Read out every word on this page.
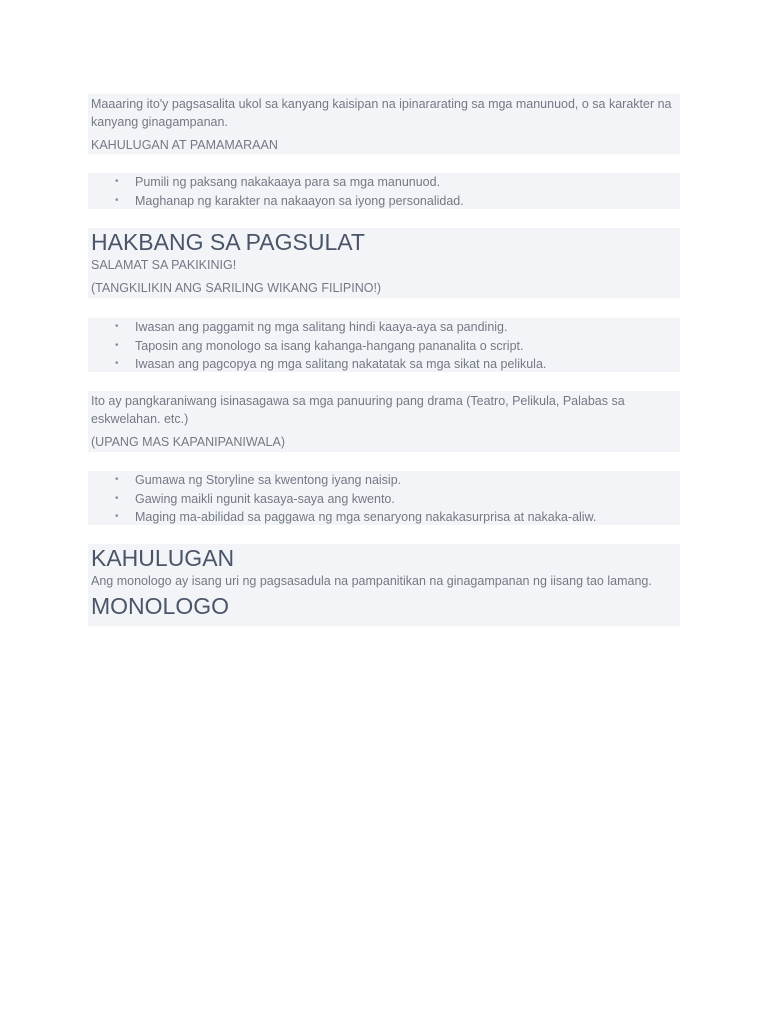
Maaaring ito'y pagsasalita ukol sa kanyang kaisipan na ipinararating sa mga manunuod, o sa karakter na kanyang ginagampanan.

KAHULUGAN AT PAMAMARAAN

• Pumili ng paksang nakakaaya para sa mga manunuod.
• Maghanap ng karakter na nakaayon sa iyong personalidad.
HAKBANG SA PAGSULAT

SALAMAT SA PAKIKINIG!

(TANGKILIKIN ANG SARILING WIKANG FILIPINO!)

• Iwasan ang paggamit ng mga salitang hindi kaaya-aya sa pandinig.
• Taposin ang monologo sa isang kahanga-hangang pananalita o script.
• Iwasan ang pagcopya ng mga salitang nakatatak sa mga sikat na pelikula.

Ito ay pangkaraniwang isinasagawa sa mga panuuring pang drama (Teatro, Pelikula, Palabas sa eskwelahan. etc.)

(UPANG MAS KAPANIPANIWALA)

• Gumawa ng Storyline sa kwentong iyang naisip.
• Gawing maikli ngunit kasaya-saya ang kwento.
• Maging ma-abilidad sa paggawa ng mga senaryong nakakasurprisa at nakaka-aliw.
KAHULUGAN

Ang monologo ay isang uri ng pagsasadula na pampanitikan na ginagampanan ng iisang tao lamang.

MONOLOGO
